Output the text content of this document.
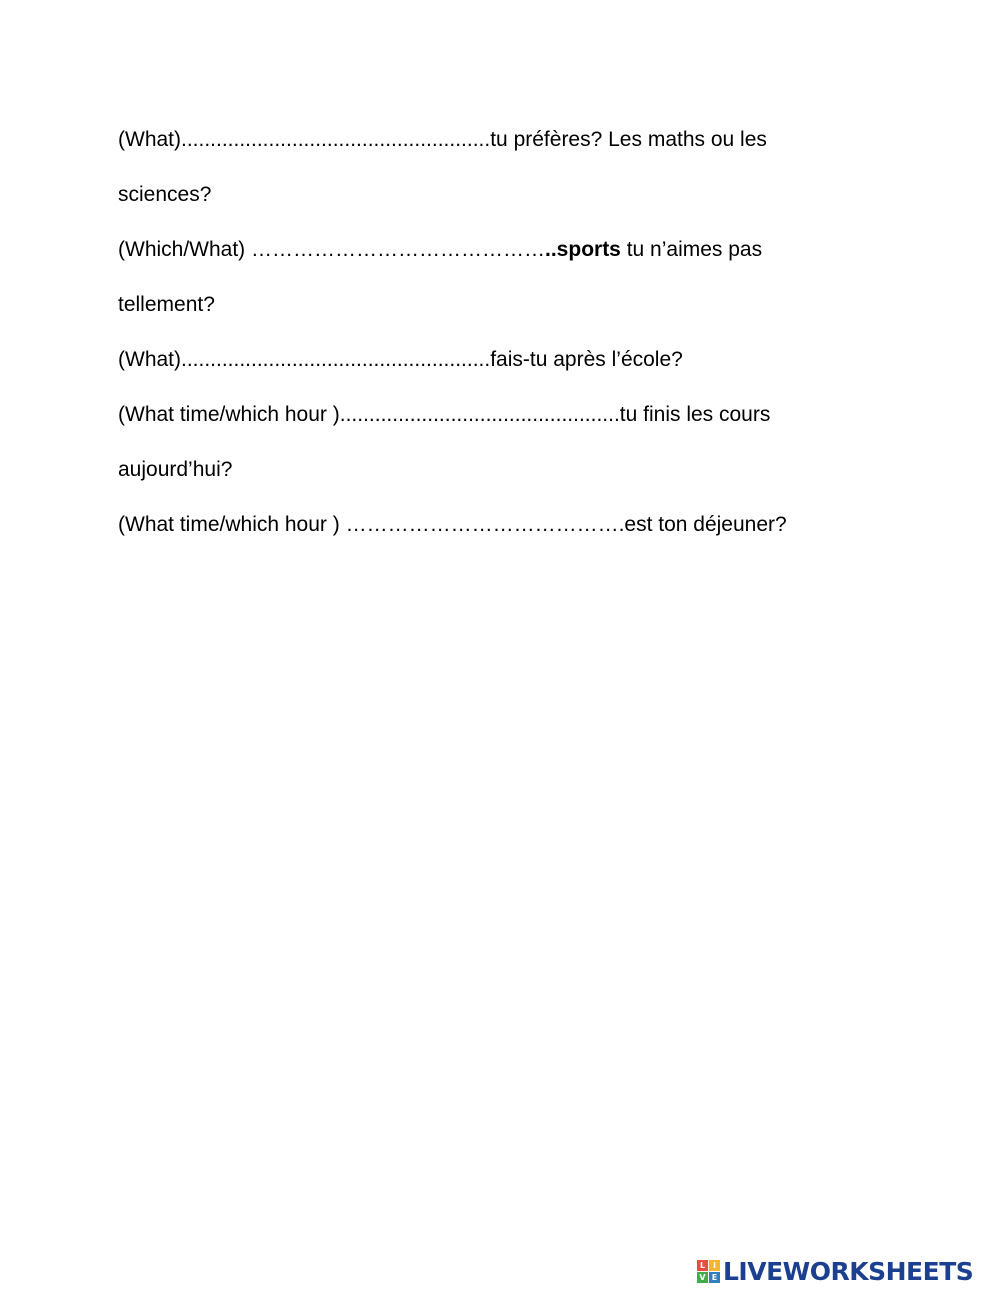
(What).....................................................tu préfères? Les maths ou les
sciences?
(Which/What) ……………………………………..sports tu n’aimes pas
tellement?
(What).....................................................fais-tu après l’école?
(What time/which hour )................................................tu finis les cours
aujourd’hui?
(What time/which hour ) ………………………………….est ton déjeuner?
L I
V E LIVEWORKSHEETS
